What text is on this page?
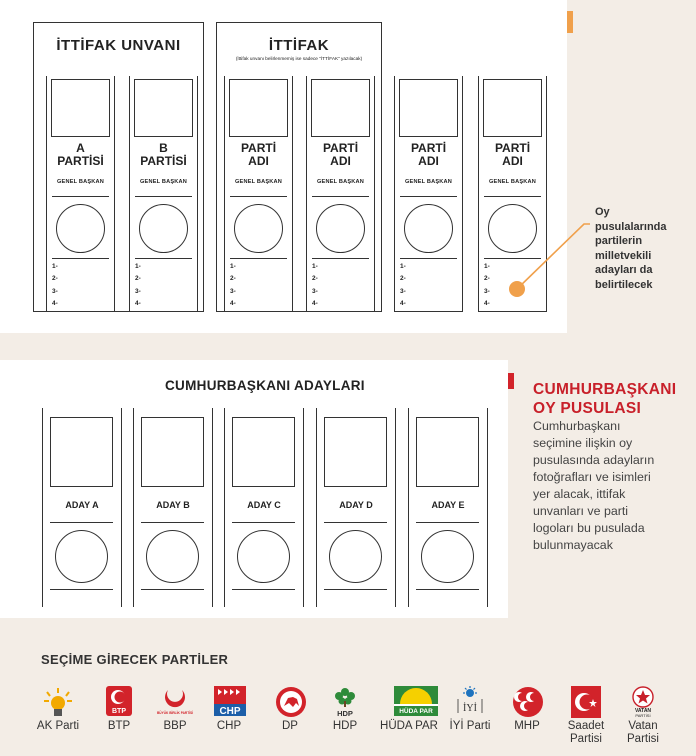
İTTİFAK UNVANI	İTTİFAK
(İttifak unvanı belirlenmemiş ise sadece "İTTİFAK" yazılacak)
A
PARTİSİ
GENEL BAŞKAN
1-
2-
3-
4-
B
PARTİSİ
GENEL BAŞKAN
1-
2-
3-
4-
PARTİ
ADI
GENEL BAŞKAN
1-
2-
3-
4-
PARTİ
ADI
GENEL BAŞKAN
1-
2-
3-
4-
PARTİ
ADI
GENEL BAŞKAN
1-
2-
3-
4-
PARTİ
ADI
GENEL BAŞKAN
1-
2-
3-
4-
Oy
pusulalarında
partilerin
milletvekili
adayları da
belirtilecek
CUMHURBAŞKANI ADAYLARI
ADAY A	ADAY B	ADAY C	ADAY D	ADAY E
CUMHURBAŞKANI
OY PUSULASI
Cumhurbaşkanı
seçimine ilişkin oy
pusulasında adayların
fotoğrafları ve isimleri
yer alacak, ittifak
unvanları ve parti
logoları bu pusulada
bulunmayacak
SEÇİME GİRECEK PARTİLER
AK Parti
BTP
BTP
BÜYÜK BİRLİK PARTİSİ
BBP
CHP
CHP	DP
HDP
HDP
HÜDA PAR
HÜDA PAR
İYİ
İYİ Parti	MHP	Saadet
Partisi
VATAN
PARTİSİ
Vatan
Partisi
